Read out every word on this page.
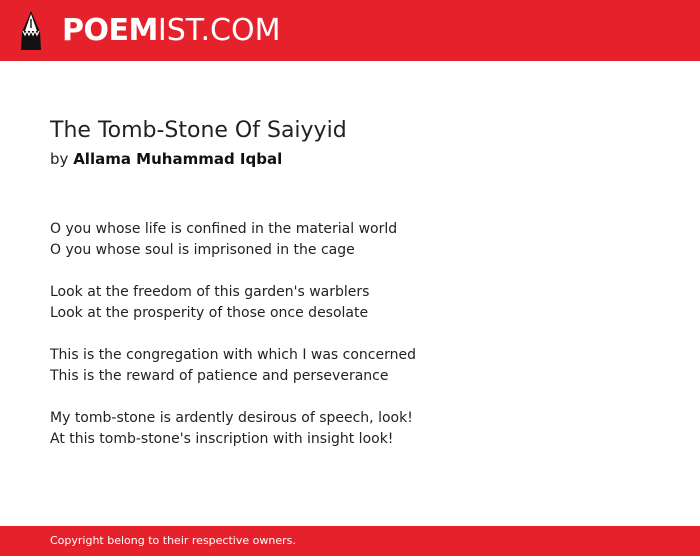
POEMIST.COM
The Tomb-Stone Of Saiyyid
by Allama Muhammad Iqbal
O you whose life is confined in the material world
O you whose soul is imprisoned in the cage
Look at the freedom of this garden's warblers
Look at the prosperity of those once desolate
This is the congregation with which I was concerned
This is the reward of patience and perseverance
My tomb-stone is ardently desirous of speech, look!
At this tomb-stone's inscription with insight look!
Copyright belong to their respective owners.
